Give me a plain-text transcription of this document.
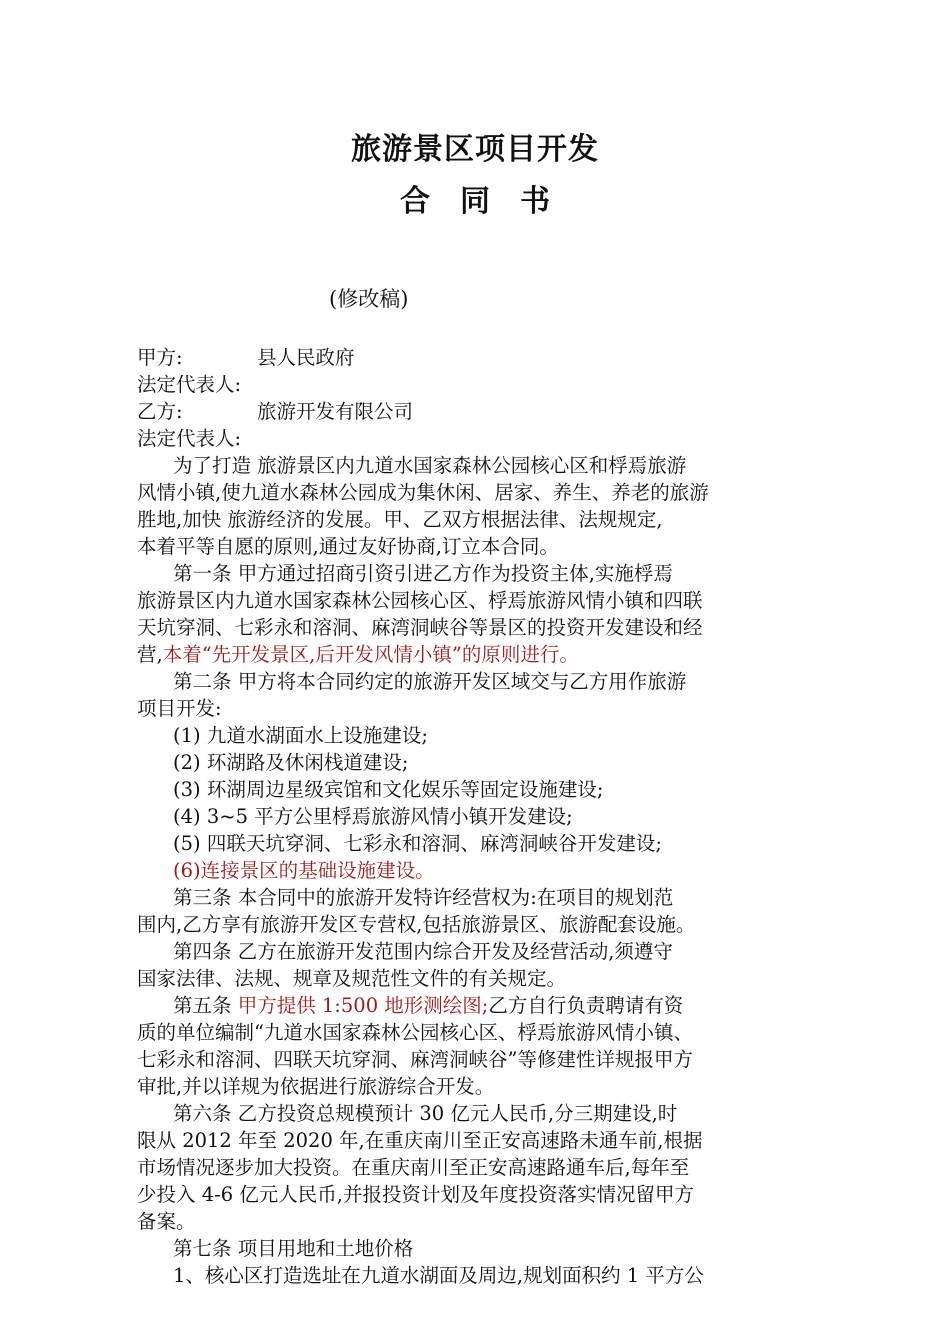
旅游景区项目开发
合同书
(修改稿)
甲方:	县人民政府
法定代表人:
乙方:	旅游开发有限公司
法定代表人:
为了打造 旅游景区内九道水国家森林公园核心区和桴焉旅游
风情小镇,使九道水森林公园成为集休闲、居家、养生、养老的旅游
胜地,加快 旅游经济的发展。甲、乙双方根据法律、法规规定,
本着平等自愿的原则,通过友好协商,订立本合同。
第一条 甲方通过招商引资引进乙方作为投资主体,实施桴焉
旅游景区内九道水国家森林公园核心区、桴焉旅游风情小镇和四联
天坑穿洞、七彩永和溶洞、麻湾洞峡谷等景区的投资开发建设和经
营,本着“先开发景区,后开发风情小镇”的原则进行。
第二条 甲方将本合同约定的旅游开发区域交与乙方用作旅游
项目开发:
(1) 九道水湖面水上设施建设;
(2) 环湖路及休闲栈道建设;
(3) 环湖周边星级宾馆和文化娱乐等固定设施建设;
(4) 3~5 平方公里桴焉旅游风情小镇开发建设;
(5) 四联天坑穿洞、七彩永和溶洞、麻湾洞峡谷开发建设;
(6)连接景区的基础设施建设。
第三条 本合同中的旅游开发特许经营权为:在项目的规划范
围内,乙方享有旅游开发区专营权,包括旅游景区、旅游配套设施。
第四条 乙方在旅游开发范围内综合开发及经营活动,须遵守
国家法律、法规、规章及规范性文件的有关规定。
第五条 甲方提供 1:500 地形测绘图;乙方自行负责聘请有资
质的单位编制“九道水国家森林公园核心区、桴焉旅游风情小镇、
七彩永和溶洞、四联天坑穿洞、麻湾洞峡谷”等修建性详规报甲方
审批,并以详规为依据进行旅游综合开发。
第六条 乙方投资总规模预计 30 亿元人民币,分三期建设,时
限从 2012 年至 2020 年,在重庆南川至正安高速路未通车前,根据
市场情况逐步加大投资。在重庆南川至正安高速路通车后,每年至
少投入 4-6 亿元人民币,并报投资计划及年度投资落实情况留甲方
备案。
第七条 项目用地和土地价格
1、核心区打造选址在九道水湖面及周边,规划面积约 1 平方公
